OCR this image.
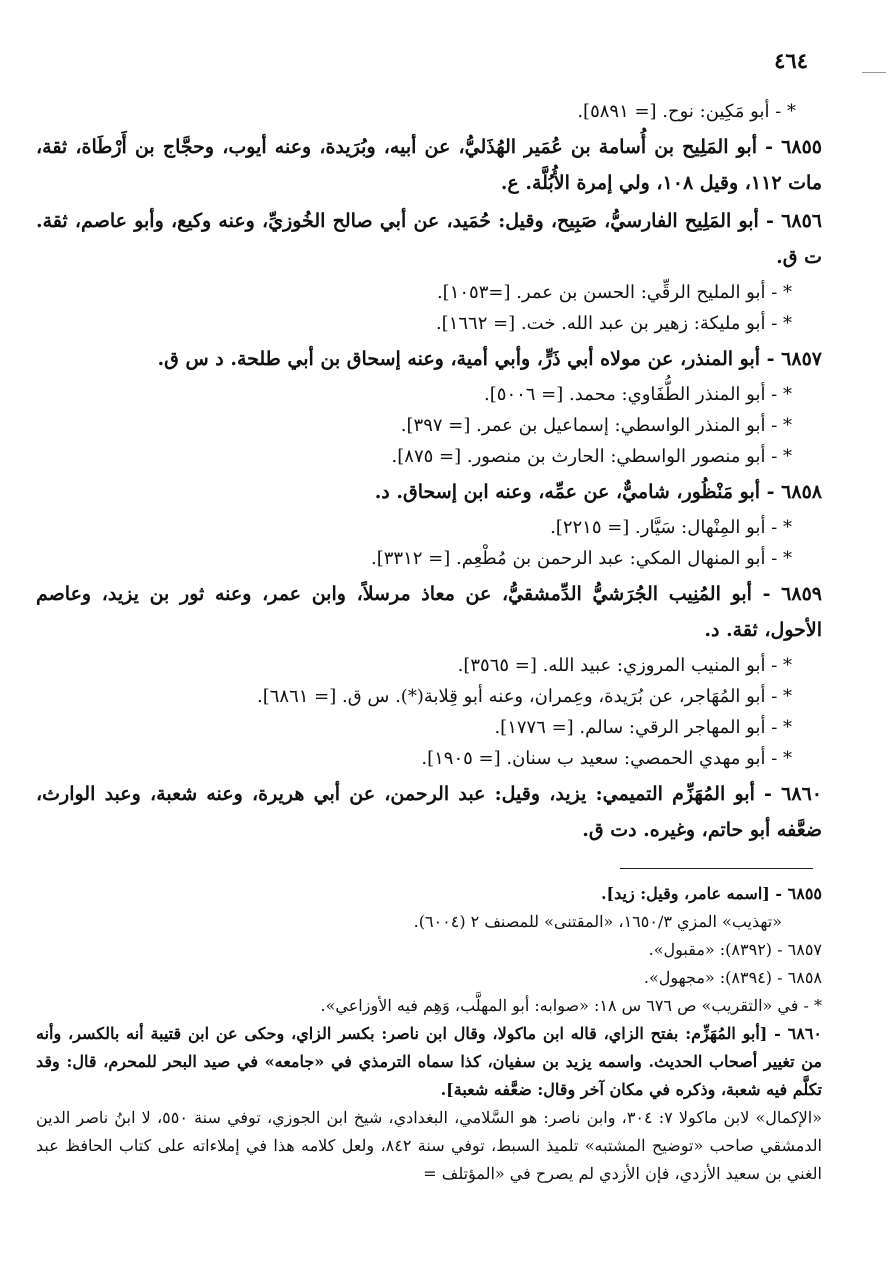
٤٦٤

* - أبو مَكِين: نوح. [= ٥٨٩١].

٦٨٥٥ - أبو المَلِيح بن أُسامة بن عُمَير الهُذَليُّ، عن أبيه، وبُرَيدة، وعنه أيوب، وحجَّاج بن أَرْطَاة، ثقة، مات ١١٢، وقيل ١٠٨، ولي إمرة الأُبُلَّة. ع.

٦٨٥٦ - أبو المَلِيح الفارسيُّ، صَبِيح، وقيل: حُمَيد، عن أبي صالح الخُوزيِّ، وعنه وكيع، وأبو عاصم، ثقة. ت ق.

* - أبو المليح الرقِّي: الحسن بن عمر. [=١٠٥٣].

* - أبو مليكة: زهير بن عبد الله. خت. [= ١٦٦٢].

٦٨٥٧ - أبو المنذر، عن مولاه أبي ذَرٍّ، وأبي أمية، وعنه إسحاق بن أبي طلحة. د س ق.

* - أبو المنذر الطُّفَاوي: محمد. [= ٥٠٠٦].

* - أبو المنذر الواسطي: إسماعيل بن عمر. [= ٣٩٧].

* - أبو منصور الواسطي: الحارث بن منصور. [= ٨٧٥].

٦٨٥٨ - أبو مَنْظُور، شاميٌّ، عن عمِّه، وعنه ابن إسحاق. د.

* - أبو المِنْهال: سَيَّار. [= ٢٢١٥].

* - أبو المنهال المكي: عبد الرحمن بن مُطْعِم. [= ٣٣١٢].

٦٨٥٩ - أبو المُنِيب الجُرَشيُّ الدِّمشقيُّ، عن معاذ مرسلاً، وابن عمر، وعنه ثور بن يزيد، وعاصم الأحول، ثقة. د.

* - أبو المنيب المروزي: عبيد الله. [= ٣٥٦٥].

* - أبو المُهَاجر، عن بُرَيدة، وعِمران، وعنه أبو قِلابة(*). س ق. [= ٦٨٦١].

* - أبو المهاجر الرقي: سالم. [= ١٧٧٦].

* - أبو مهدي الحمصي: سعيد ب سنان. [= ١٩٠٥].

٦٨٦٠ - أبو المُهَزِّم التميمي: يزيد، وقيل: عبد الرحمن، عن أبي هريرة، وعنه شعبة، وعبد الوارث، ضعَّفه أبو حاتم، وغيره. دت ق.

٦٨٥٥ - [اسمه عامر، وقيل: زيد].

«تهذيب» المزي ١٦٥٠/٣، «المقتنى» للمصنف ٢ (٦٠٠٤).

٦٨٥٧ - (٨٣٩٢): «مقبول».

٦٨٥٨ - (٨٣٩٤): «مجهول».

* - في «التقريب» ص ٦٧٦ س ١٨: «صوابه: أبو المهلَّب، وَهِم فيه الأوزاعي».

٦٨٦٠ - [أبو المُهَزِّم: بفتح الزاي، قاله ابن ماكولا، وقال ابن ناصر: بكسر الزاي، وحكى عن ابن قتيبة أنه بالكسر، وأنه من تغيير أصحاب الحديث. واسمه يزيد بن سفيان، كذا سماه الترمذي في «جامعه» في صيد البحر للمحرم، قال: وقد تكلَّم فيه شعبة، وذكره في مكان آخر وقال: ضعَّفه شعبة].

«الإكمال» لابن ماكولا ٧: ٣٠٤، وابن ناصر: هو السَّلامي، البغدادي، شيخ ابن الجوزي، توفي سنة ٥٥٠، لا ابنُ ناصر الدين الدمشقي صاحب «توضيح المشتبه» تلميذ السبط، توفي سنة ٨٤٢، ولعل كلامه هذا في إملاءاته على كتاب الحافظ عبد الغني بن سعيد الأزدي، فإن الأزدي لم يصرح في «المؤتلف =
